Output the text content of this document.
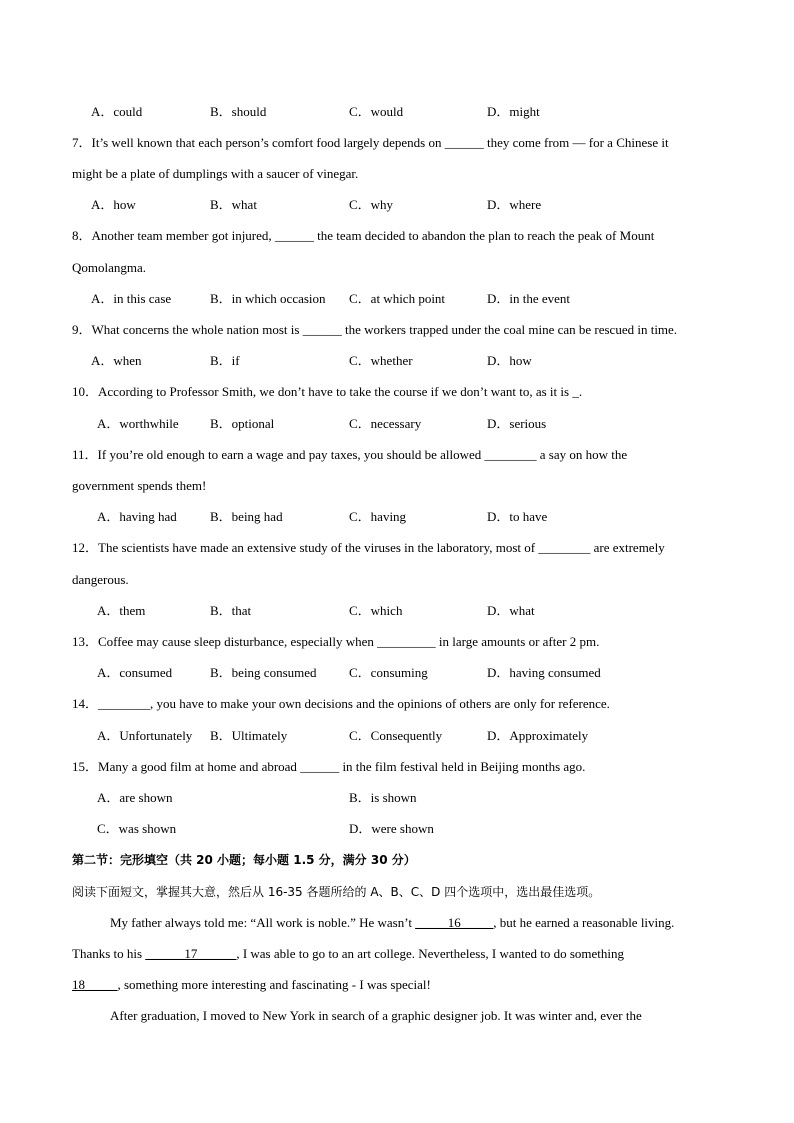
A．could	B．should	C．would	D．might
7．It’s well known that each person’s comfort food largely depends on ______ they come from — for a Chinese it
might be a plate of dumplings with a saucer of vinegar.
A．how	B．what	C．why	D．where
8．Another team member got injured, ______ the team decided to abandon the plan to reach the peak of Mount
Qomolangma.
A．in this case	B．in which occasion C．at which point	D．in the event
9．What concerns the whole nation most is ______ the workers trapped under the coal mine can be rescued in time.
A．when	B．if	C．whether	D．how
10．According to Professor Smith, we don’t have to take the course if we don’t want to, as it is _.
A．worthwhile B．optional	C．necessary	D．serious
11．If you’re old enough to earn a wage and pay taxes, you should be allowed ________ a say on how the
government spends them!
A．having had	B．being had	C．having	D．to have
12．The scientists have made an extensive study of the viruses in the laboratory, most of ________ are extremely
dangerous.
A．them	B．that	C．which	D．what
13．Coffee may cause sleep disturbance, especially when _________ in large amounts or after 2 pm.
A．consumed	B．being consumed C．consuming	D．having consumed
14．________, you have to make your own decisions and the opinions of others are only for reference.
A．Unfortunately B．Ultimately	C．Consequently	D．Approximately
15．Many a good film at home and abroad ______ in the film festival held in Beijing months ago.
A．are shown	B．is shown
C．was shown	D．were shown
第二节：完形填空（共 20 小题；每小题 1.5 分，满分 30 分）
阅读下面短文，掌握其大意，然后从 16-35 各题所给的 A、B、C、D 四个选项中，选出最佳选项。
My father always told me: “All work is noble.” He wasn’t _____16_____, but he earned a reasonable living.
Thanks to his ______17______, I was able to go to an art college. Nevertheless, I wanted to do something
18_____, something more interesting and fascinating - I was special!
After graduation, I moved to New York in search of a graphic designer job. It was winter and, ever the
